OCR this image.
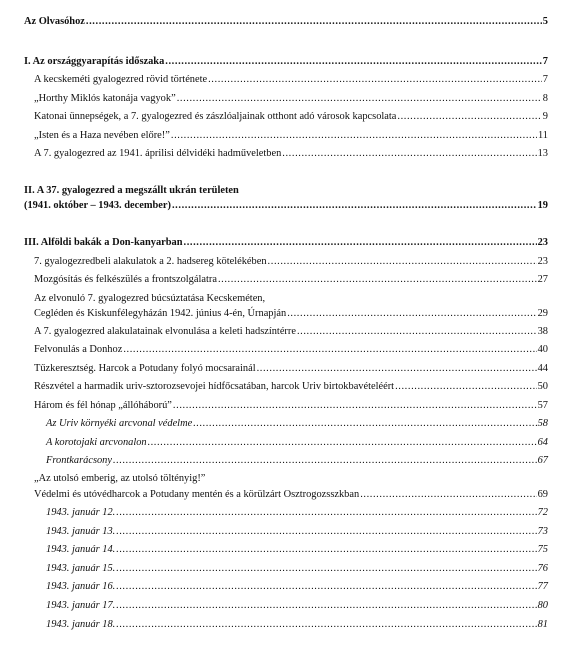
Az Olvasóhoz .....	5
I. Az országgyarapítás időszaka .....	7
A kecskeméti gyalogezred rövid története .....	7
„Horthy Miklós katonája vagyok” .....	8
Katonai ünnepségek, a 7. gyalogezred és zászlóaljainak otthont adó városok kapcsolata .....	9
„Isten és a Haza nevében előre!” .....	11
A 7. gyalogezred az 1941. áprilisi délvidéki hadműveletben .....	13
II. A 37. gyalogezred a megszállt ukrán területen
(1941. október – 1943. december) .....	19
III. Alföldi bakák a Don-kanyarban .....	23
7. gyalogezredbeli alakulatok a 2. hadsereg kötelékében .....	23
Mozgósítás és felkészülés a frontszolgálatra .....	27
Az elvonuló 7. gyalogezred búcsúztatása Kecskeméten,
Cegléden és Kiskunfélegyházán 1942. június 4-én, Úrnapján .....	29
A 7. gyalogezred alakulatainak elvonulása a keleti hadszíntérre .....	38
Felvonulás a Donhoz .....	40
Tűzkeresztség. Harcok a Potudany folyó mocsarainál .....	44
Részvétel a harmadik uriv-sztorozsevojei hídfőcsatában, harcok Uriv birtokbavételéért .....	50
Három és fél hónap „állóháború” .....	57
Az Uriv környéki arcvonal védelme .....	58
A korotojaki arcvonalon .....	64
Frontkarácsony .....	67
„Az utolsó emberig, az utolsó töltényig!”
Védelmi és utóvédharcok a Potudany mentén és a körülzárt Osztrogozsszkban .....	69
1943. január 12. .....	72
1943. január 13. .....	73
1943. január 14. .....	75
1943. január 15. .....	76
1943. január 16. .....	77
1943. január 17. .....	80
1943. január 18. .....	81
